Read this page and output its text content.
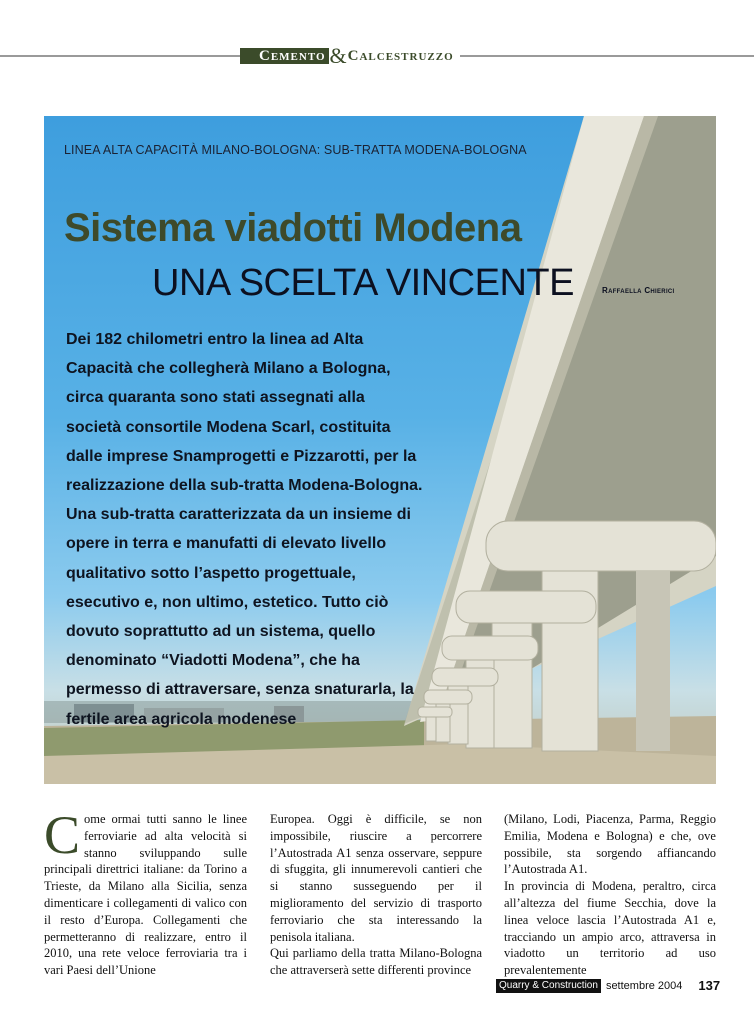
Cemento & Calcestruzzo
LINEA ALTA CAPACITÀ MILANO-BOLOGNA: SUB-TRATTA MODENA-BOLOGNA
Sistema viadotti Modena
UNA SCELTA VINCENTE	Raffaella Chierici

Dei 182 chilometri entro la linea ad Alta Capacità che collegherà Milano a Bologna, circa quaranta sono stati assegnati alla società consortile Modena Scarl, costituita dalle imprese Snamprogetti e Pizzarotti, per la realizzazione della sub-tratta Modena-Bologna. Una sub-tratta caratterizzata da un insieme di opere in terra e manufatti di elevato livello qualitativo sotto l’aspetto progettuale, esecutivo e, non ultimo, estetico. Tutto ciò dovuto soprattutto ad un sistema, quello denominato “Viadotti Modena”, che ha permesso di attraversare, senza snaturarla, la fertile area agricola modenese

C ome ormai tutti sanno le linee ferroviarie ad alta velocità si stanno sviluppando sulle principali direttrici italiane: da Torino a Trieste, da Milano alla Sicilia, senza dimenticare i collegamenti di valico con il resto d’Europa. Collegamenti che permetteranno di realizzare, entro il 2010, una rete veloce ferroviaria tra i vari Paesi dell’Unione

Europea. Oggi è difficile, se non impossibile, riuscire a percorrere l’Autostrada A1 senza osservare, seppure di sfuggita, gli innumerevoli cantieri che si stanno susseguendo per il miglioramento del servizio di trasporto ferroviario che sta interessando la penisola italiana.

Qui parliamo della tratta Milano-Bologna che attraverserà sette differenti province

(Milano, Lodi, Piacenza, Parma, Reggio Emilia, Modena e Bologna) e che, ove possibile, sta sorgendo affiancando l’Autostrada A1.

In provincia di Modena, peraltro, circa all’altezza del fiume Secchia, dove la linea veloce lascia l’Autostrada A1 e, tracciando un ampio arco, attraversa in viadotto un territorio ad uso prevalentemente

Quarry & Construction settembre 2004 137
